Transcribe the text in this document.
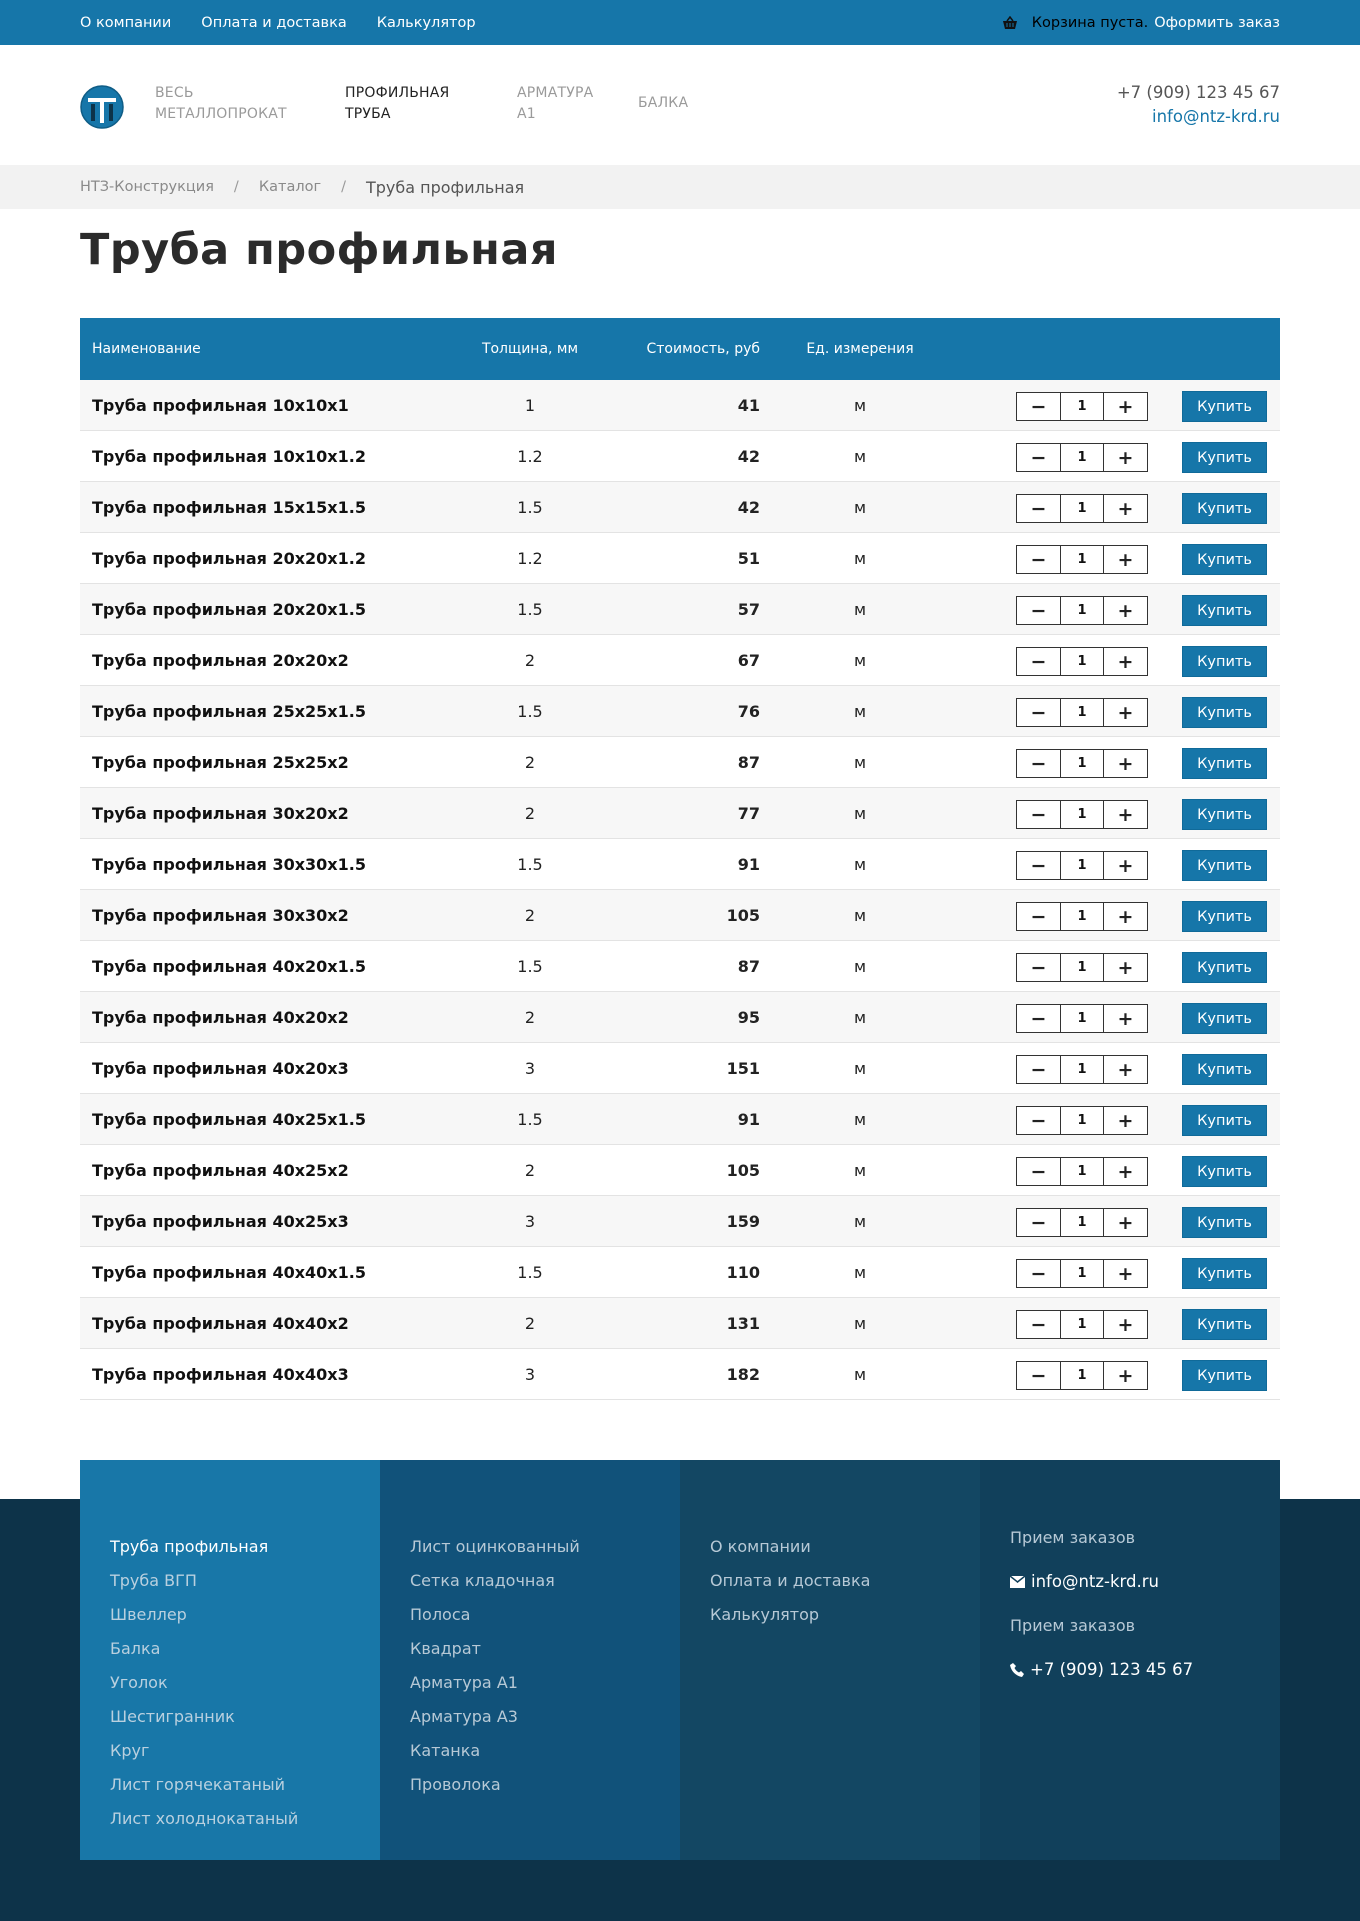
О компании Оплата и доставка Калькулятор	Корзина пуста. Оформить заказ
ВЕСЬ
МЕТАЛЛОПРОКАТ
ПРОФИЛЬНАЯ
ТРУБА
АРМАТУРА
А1
БАЛКА
+7 (909) 123 45 67
info@ntz-krd.ru
НТЗ-Конструкция / Каталог / Труба профильная
Труба профильная
Наименование	Толщина, мм	Стоимость, руб	Ед. измерения
Труба профильная 10x10x1	1	41	м	−	1	+	Купить
Труба профильная 10x10x1.2	1.2	42	м	−	1	+	Купить
Труба профильная 15x15x1.5	1.5	42	м	−	1	+	Купить
Труба профильная 20x20x1.2	1.2	51	м	−	1	+	Купить
Труба профильная 20x20x1.5	1.5	57	м	−	1	+	Купить
Труба профильная 20x20x2	2	67	м	−	1	+	Купить
Труба профильная 25x25x1.5	1.5	76	м	−	1	+	Купить
Труба профильная 25x25x2	2	87	м	−	1	+	Купить
Труба профильная 30x20x2	2	77	м	−	1	+	Купить
Труба профильная 30x30x1.5	1.5	91	м	−	1	+	Купить
Труба профильная 30x30x2	2	105	м	−	1	+	Купить
Труба профильная 40x20x1.5	1.5	87	м	−	1	+	Купить
Труба профильная 40x20x2	2	95	м	−	1	+	Купить
Труба профильная 40x20x3	3	151	м	−	1	+	Купить
Труба профильная 40x25x1.5	1.5	91	м	−	1	+	Купить
Труба профильная 40x25x2	2	105	м	−	1	+	Купить
Труба профильная 40x25x3	3	159	м	−	1	+	Купить
Труба профильная 40x40x1.5	1.5	110	м	−	1	+	Купить
Труба профильная 40x40x2	2	131	м	−	1	+	Купить
Труба профильная 40x40x3	3	182	м	−	1	+	Купить
Труба профильная
Труба ВГП
Швеллер
Балка
Уголок
Шестигранник
Круг
Лист горячекатаный
Лист холоднокатаный
Лист оцинкованный
Сетка кладочная
Полоса
Квадрат
Арматура А1
Арматура А3
Катанка
Проволока
О компании
Оплата и доставка
Калькулятор
Прием заказов
info@ntz-krd.ru
Прием заказов
+7 (909) 123 45 67
